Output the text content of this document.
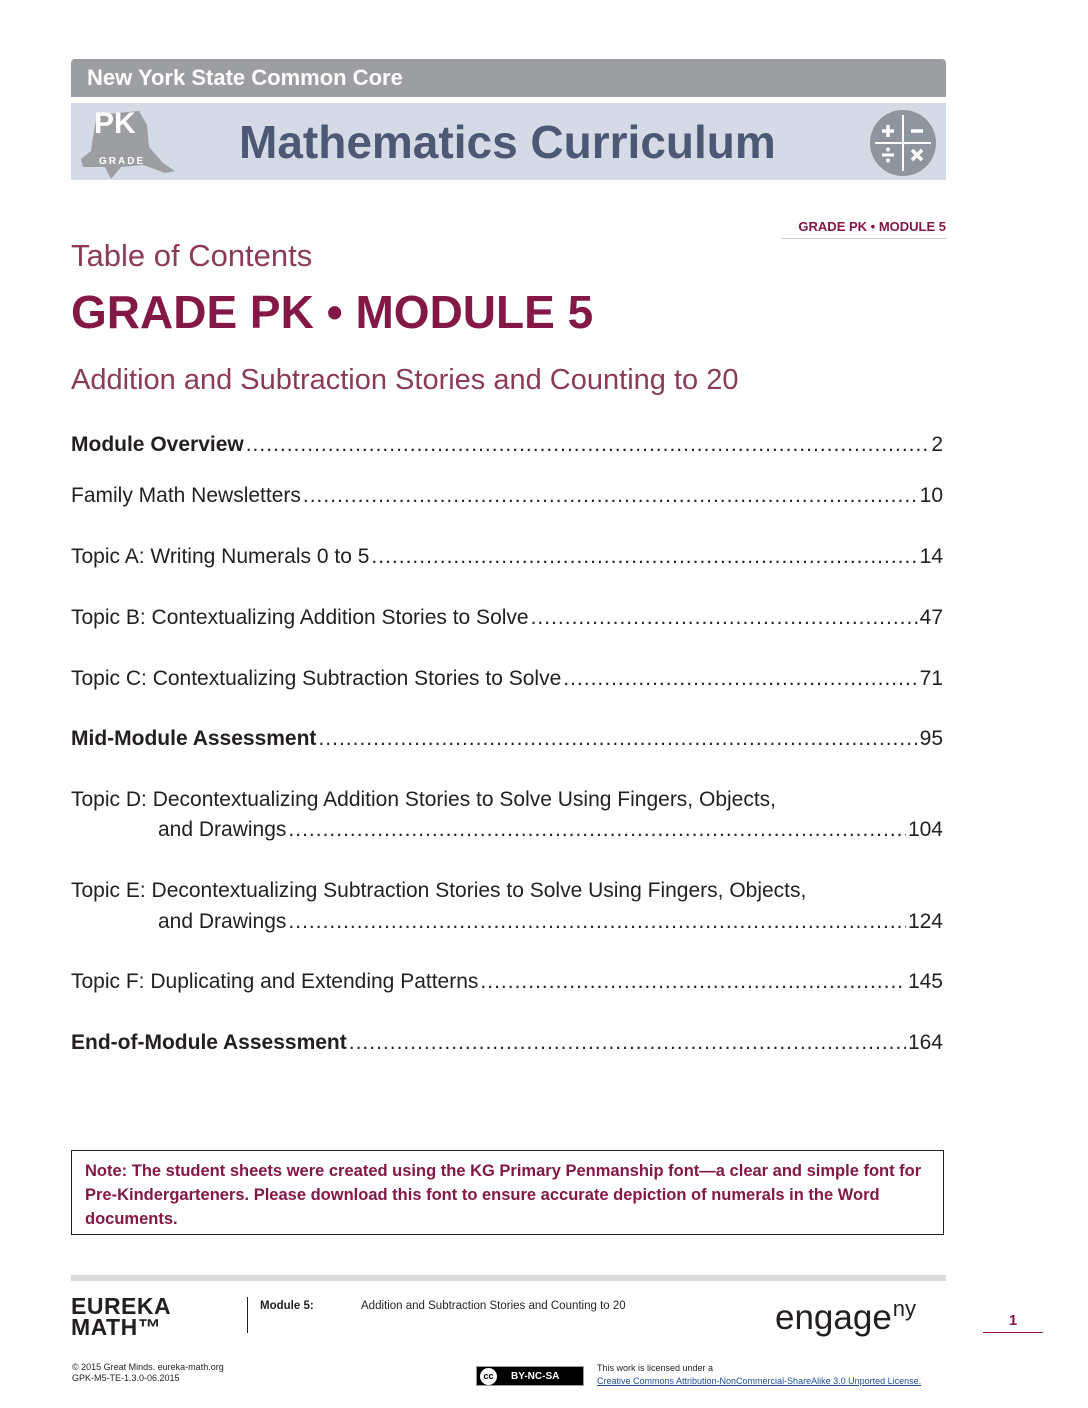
New York State Common Core
PK
GRADE Mathematics Curriculum
GRADE PK • MODULE 5
Table of Contents
GRADE PK • MODULE 5
Addition and Subtraction Stories and Counting to 20
Module Overview .....	2
Family Math Newsletters .....	10
Topic A: Writing Numerals 0 to 5 .....	14
Topic B: Contextualizing Addition Stories to Solve .....	47
Topic C: Contextualizing Subtraction Stories to Solve .....	71
Mid-Module Assessment .....	95
Topic D: Decontextualizing Addition Stories to Solve Using Fingers, Objects,
and Drawings .....	104
Topic E: Decontextualizing Subtraction Stories to Solve Using Fingers, Objects,
and Drawings .....	124
Topic F: Duplicating and Extending Patterns .....	145
End-of-Module Assessment .....	164

Note: The student sheets were created using the KG Primary Penmanship font—a clear and simple font for Pre-Kindergarteners. Please download this font to ensure accurate depiction of numerals in the Word documents.

EUREKA
MATH™
Module 5:	Addition and Subtraction Stories and Counting to 20	engage$^{ny}$	1
© 2015 Great Minds. eureka-math.org
GPK-M5-TE-1.3.0-06.2015	cc	BY-NC-SA
This work is licensed under a
Creative Commons Attribution-NonCommercial-ShareAlike 3.0 Unported License.
